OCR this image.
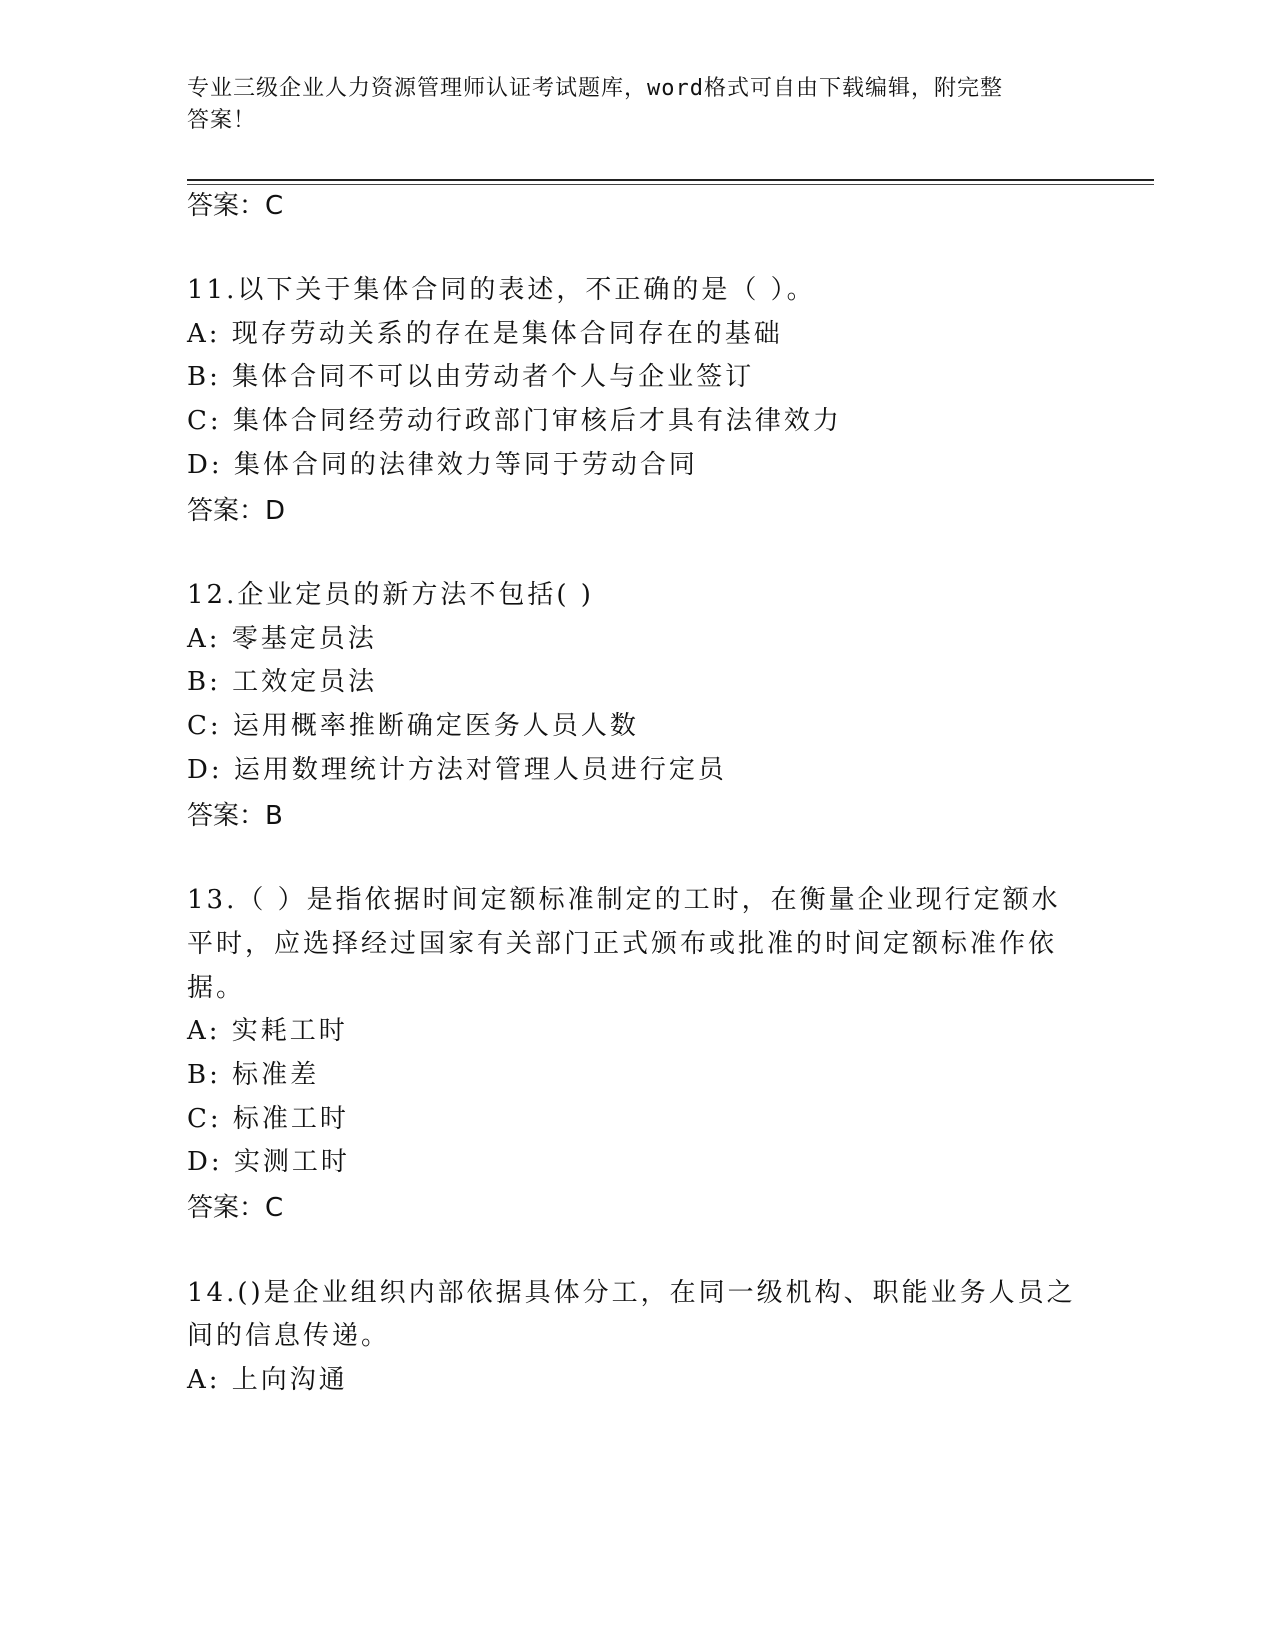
专业三级企业人力资源管理师认证考试题库，word格式可自由下载编辑，附完整
答案！
答案：C
11.以下关于集体合同的表述，不正确的是（ ）。
A: 现存劳动关系的存在是集体合同存在的基础
B: 集体合同不可以由劳动者个人与企业签订
C: 集体合同经劳动行政部门审核后才具有法律效力
D: 集体合同的法律效力等同于劳动合同
答案：D
12.企业定员的新方法不包括( )
A: 零基定员法
B: 工效定员法
C: 运用概率推断确定医务人员人数
D: 运用数理统计方法对管理人员进行定员
答案：B
13.（ ）是指依据时间定额标准制定的工时，在衡量企业现行定额水
平时，应选择经过国家有关部门正式颁布或批准的时间定额标准作依
据。
A: 实耗工时
B: 标准差
C: 标准工时
D: 实测工时
答案：C
14.()是企业组织内部依据具体分工，在同一级机构、职能业务人员之
间的信息传递。
A: 上向沟通
